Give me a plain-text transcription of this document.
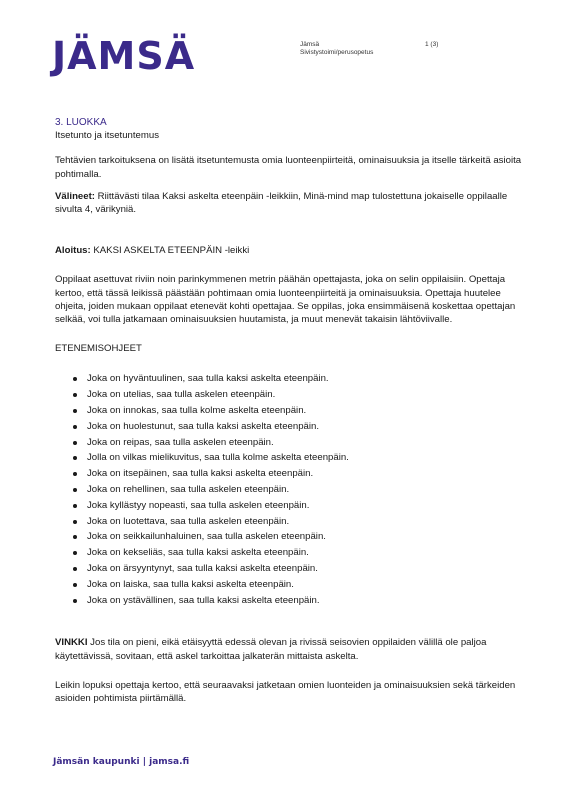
JÄMSÄ	Jämsä
Sivistystoimi/perusopetus
1 (3)
3. LUOKKA

Itsetunto ja itsetuntemus

Tehtävien tarkoituksena on lisätä itsetuntemusta omia luonteenpiirteitä, ominaisuuksia ja itselle tärkeitä asioita pohtimalla.

Välineet: Riittävästi tilaa Kaksi askelta eteenpäin -leikkiin, Minä-mind map tulostettuna jokaiselle oppilaalle sivulta 4, värikyniä.

Aloitus: KAKSI ASKELTA ETEENPÄIN -leikki

Oppilaat asettuvat riviin noin parinkymmenen metrin päähän opettajasta, joka on selin oppilaisiin. Opettaja kertoo, että tässä leikissä päästään pohtimaan omia luonteenpiirteitä ja ominaisuuksia. Opettaja huutelee ohjeita, joiden mukaan oppilaat etenevät kohti opettajaa. Se oppilas, joka ensimmäisenä koskettaa opettajan selkää, voi tulla jatkamaan ominaisuuksien huutamista, ja muut menevät takaisin lähtöviivalle.

ETENEMISOHJEET

Joka on hyväntuulinen, saa tulla kaksi askelta eteenpäin.
Joka on utelias, saa tulla askelen eteenpäin.
Joka on innokas, saa tulla kolme askelta eteenpäin.
Joka on huolestunut, saa tulla kaksi askelta eteenpäin.
Joka on reipas, saa tulla askelen eteenpäin.
Jolla on vilkas mielikuvitus, saa tulla kolme askelta eteenpäin.
Joka on itsepäinen, saa tulla kaksi askelta eteenpäin.
Joka on rehellinen, saa tulla askelen eteenpäin.
Joka kyllästyy nopeasti, saa tulla askelen eteenpäin.
Joka on luotettava, saa tulla askelen eteenpäin.
Joka on seikkailunhaluinen, saa tulla askelen eteenpäin.
Joka on kekseliäs, saa tulla kaksi askelta eteenpäin.
Joka on ärsyyntynyt, saa tulla kaksi askelta eteenpäin.
Joka on laiska, saa tulla kaksi askelta eteenpäin.
Joka on ystävällinen, saa tulla kaksi askelta eteenpäin.

VINKKI Jos tila on pieni, eikä etäisyyttä edessä olevan ja rivissä seisovien oppilaiden välillä ole paljoa käytettävissä, sovitaan, että askel tarkoittaa jalkaterän mittaista askelta.

Leikin lopuksi opettaja kertoo, että seuraavaksi jatketaan omien luonteiden ja ominaisuuksien sekä tärkeiden asioiden pohtimista piirtämällä.

Jämsän kaupunki | jamsa.fi
